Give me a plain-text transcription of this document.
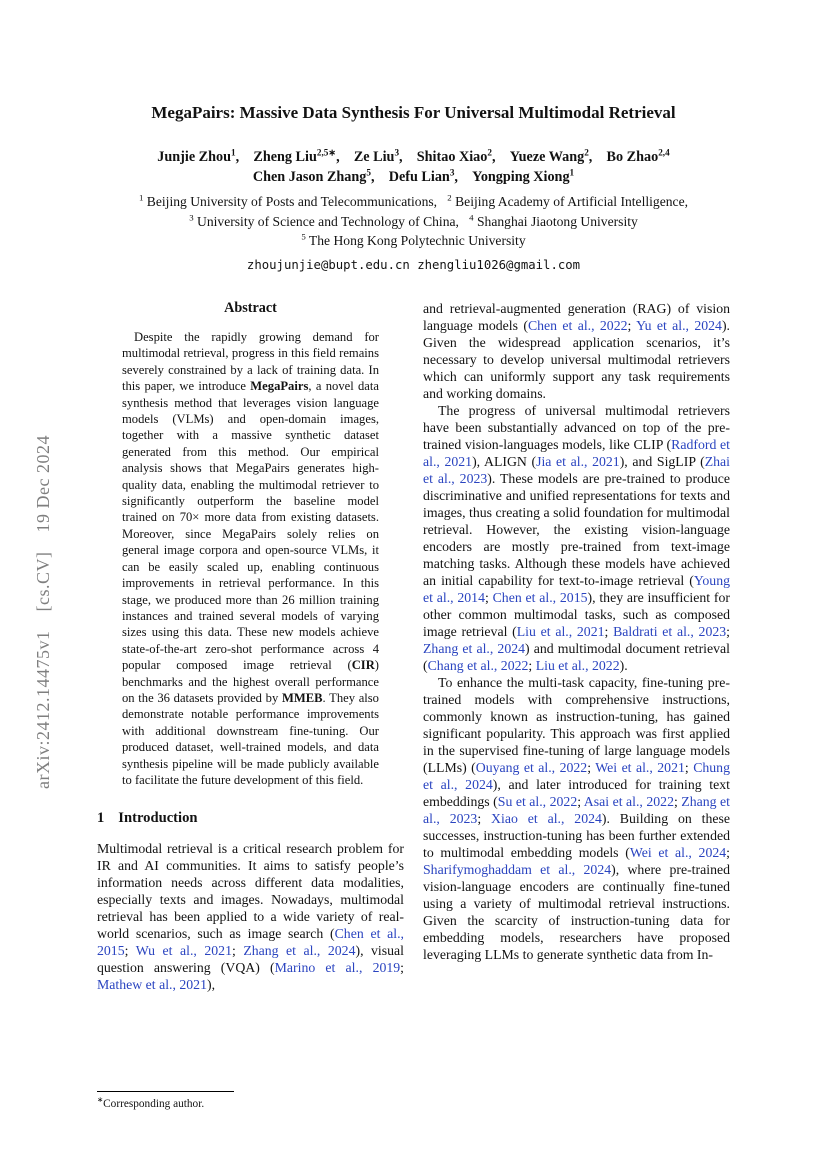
arXiv:2412.14475v1  [cs.CV]  19 Dec 2024
MegaPairs: Massive Data Synthesis For Universal Multimodal Retrieval
Junjie Zhou$^1$,  Zheng Liu$^{2,5∗}$,  Ze Liu$^3$,  Shitao Xiao$^2$,  Yueze Wang$^2$,  Bo Zhao$^{2,4}$
Chen Jason Zhang$^5$,  Defu Lian$^3$,  Yongping Xiong$^1$
$^1$ Beijing University of Posts and Telecommunications,  $^2$ Beijing Academy of Artificial Intelligence,
$^3$ University of Science and Technology of China,  $^4$ Shanghai Jiaotong University
$^5$ The Hong Kong Polytechnic University
zhoujunjie@bupt.edu.cn zhengliu1026@gmail.com
Abstract
Despite the rapidly growing demand for multimodal retrieval, progress in this field remains severely constrained by a lack of training data. In this paper, we introduce MegaPairs, a novel data synthesis method that leverages vision language models (VLMs) and open-domain images, together with a massive synthetic dataset generated from this method. Our empirical analysis shows that MegaPairs generates high-quality data, enabling the multimodal retriever to significantly outperform the baseline model trained on 70× more data from existing datasets. Moreover, since MegaPairs solely relies on general image corpora and open-source VLMs, it can be easily scaled up, enabling continuous improvements in retrieval performance. In this stage, we produced more than 26 million training instances and trained several models of varying sizes using this data. These new models achieve state-of-the-art zero-shot performance across 4 popular composed image retrieval (CIR) benchmarks and the highest overall performance on the 36 datasets provided by MMEB. They also demonstrate notable performance improvements with additional downstream fine-tuning. Our produced dataset, well-trained models, and data synthesis pipeline will be made publicly available to facilitate the future development of this field.
1 Introduction

Multimodal retrieval is a critical research problem for IR and AI communities. It aims to satisfy people’s information needs across different data modalities, especially texts and images. Nowadays, multimodal retrieval has been applied to a wide variety of real-world scenarios, such as image search (Chen et al., 2015; Wu et al., 2021; Zhang et al., 2024), visual question answering (VQA) (Marino et al., 2019; Mathew et al., 2021),

and retrieval-augmented generation (RAG) of vision language models (Chen et al., 2022; Yu et al., 2024). Given the widespread application scenarios, it’s necessary to develop universal multimodal retrievers which can uniformly support any task requirements and working domains.

The progress of universal multimodal retrievers have been substantially advanced on top of the pre-trained vision-languages models, like CLIP (Radford et al., 2021), ALIGN (Jia et al., 2021), and SigLIP (Zhai et al., 2023). These models are pre-trained to produce discriminative and unified representations for texts and images, thus creating a solid foundation for multimodal retrieval. However, the existing vision-language encoders are mostly pre-trained from text-image matching tasks. Although these models have achieved an initial capability for text-to-image retrieval (Young et al., 2014; Chen et al., 2015), they are insufficient for other common multimodal tasks, such as composed image retrieval (Liu et al., 2021; Baldrati et al., 2023; Zhang et al., 2024) and multimodal document retrieval (Chang et al., 2022; Liu et al., 2022).

To enhance the multi-task capacity, fine-tuning pre-trained models with comprehensive instructions, commonly known as instruction-tuning, has gained significant popularity. This approach was first applied in the supervised fine-tuning of large language models (LLMs) (Ouyang et al., 2022; Wei et al., 2021; Chung et al., 2024), and later introduced for training text embeddings (Su et al., 2022; Asai et al., 2022; Zhang et al., 2023; Xiao et al., 2024). Building on these successes, instruction-tuning has been further extended to multimodal embedding models (Wei et al., 2024; Sharifymoghaddam et al., 2024), where pre-trained vision-language encoders are continually fine-tuned using a variety of multimodal retrieval instructions. Given the scarcity of instruction-tuning data for embedding models, researchers have proposed leveraging LLMs to generate synthetic data from In-

∗Corresponding author.
